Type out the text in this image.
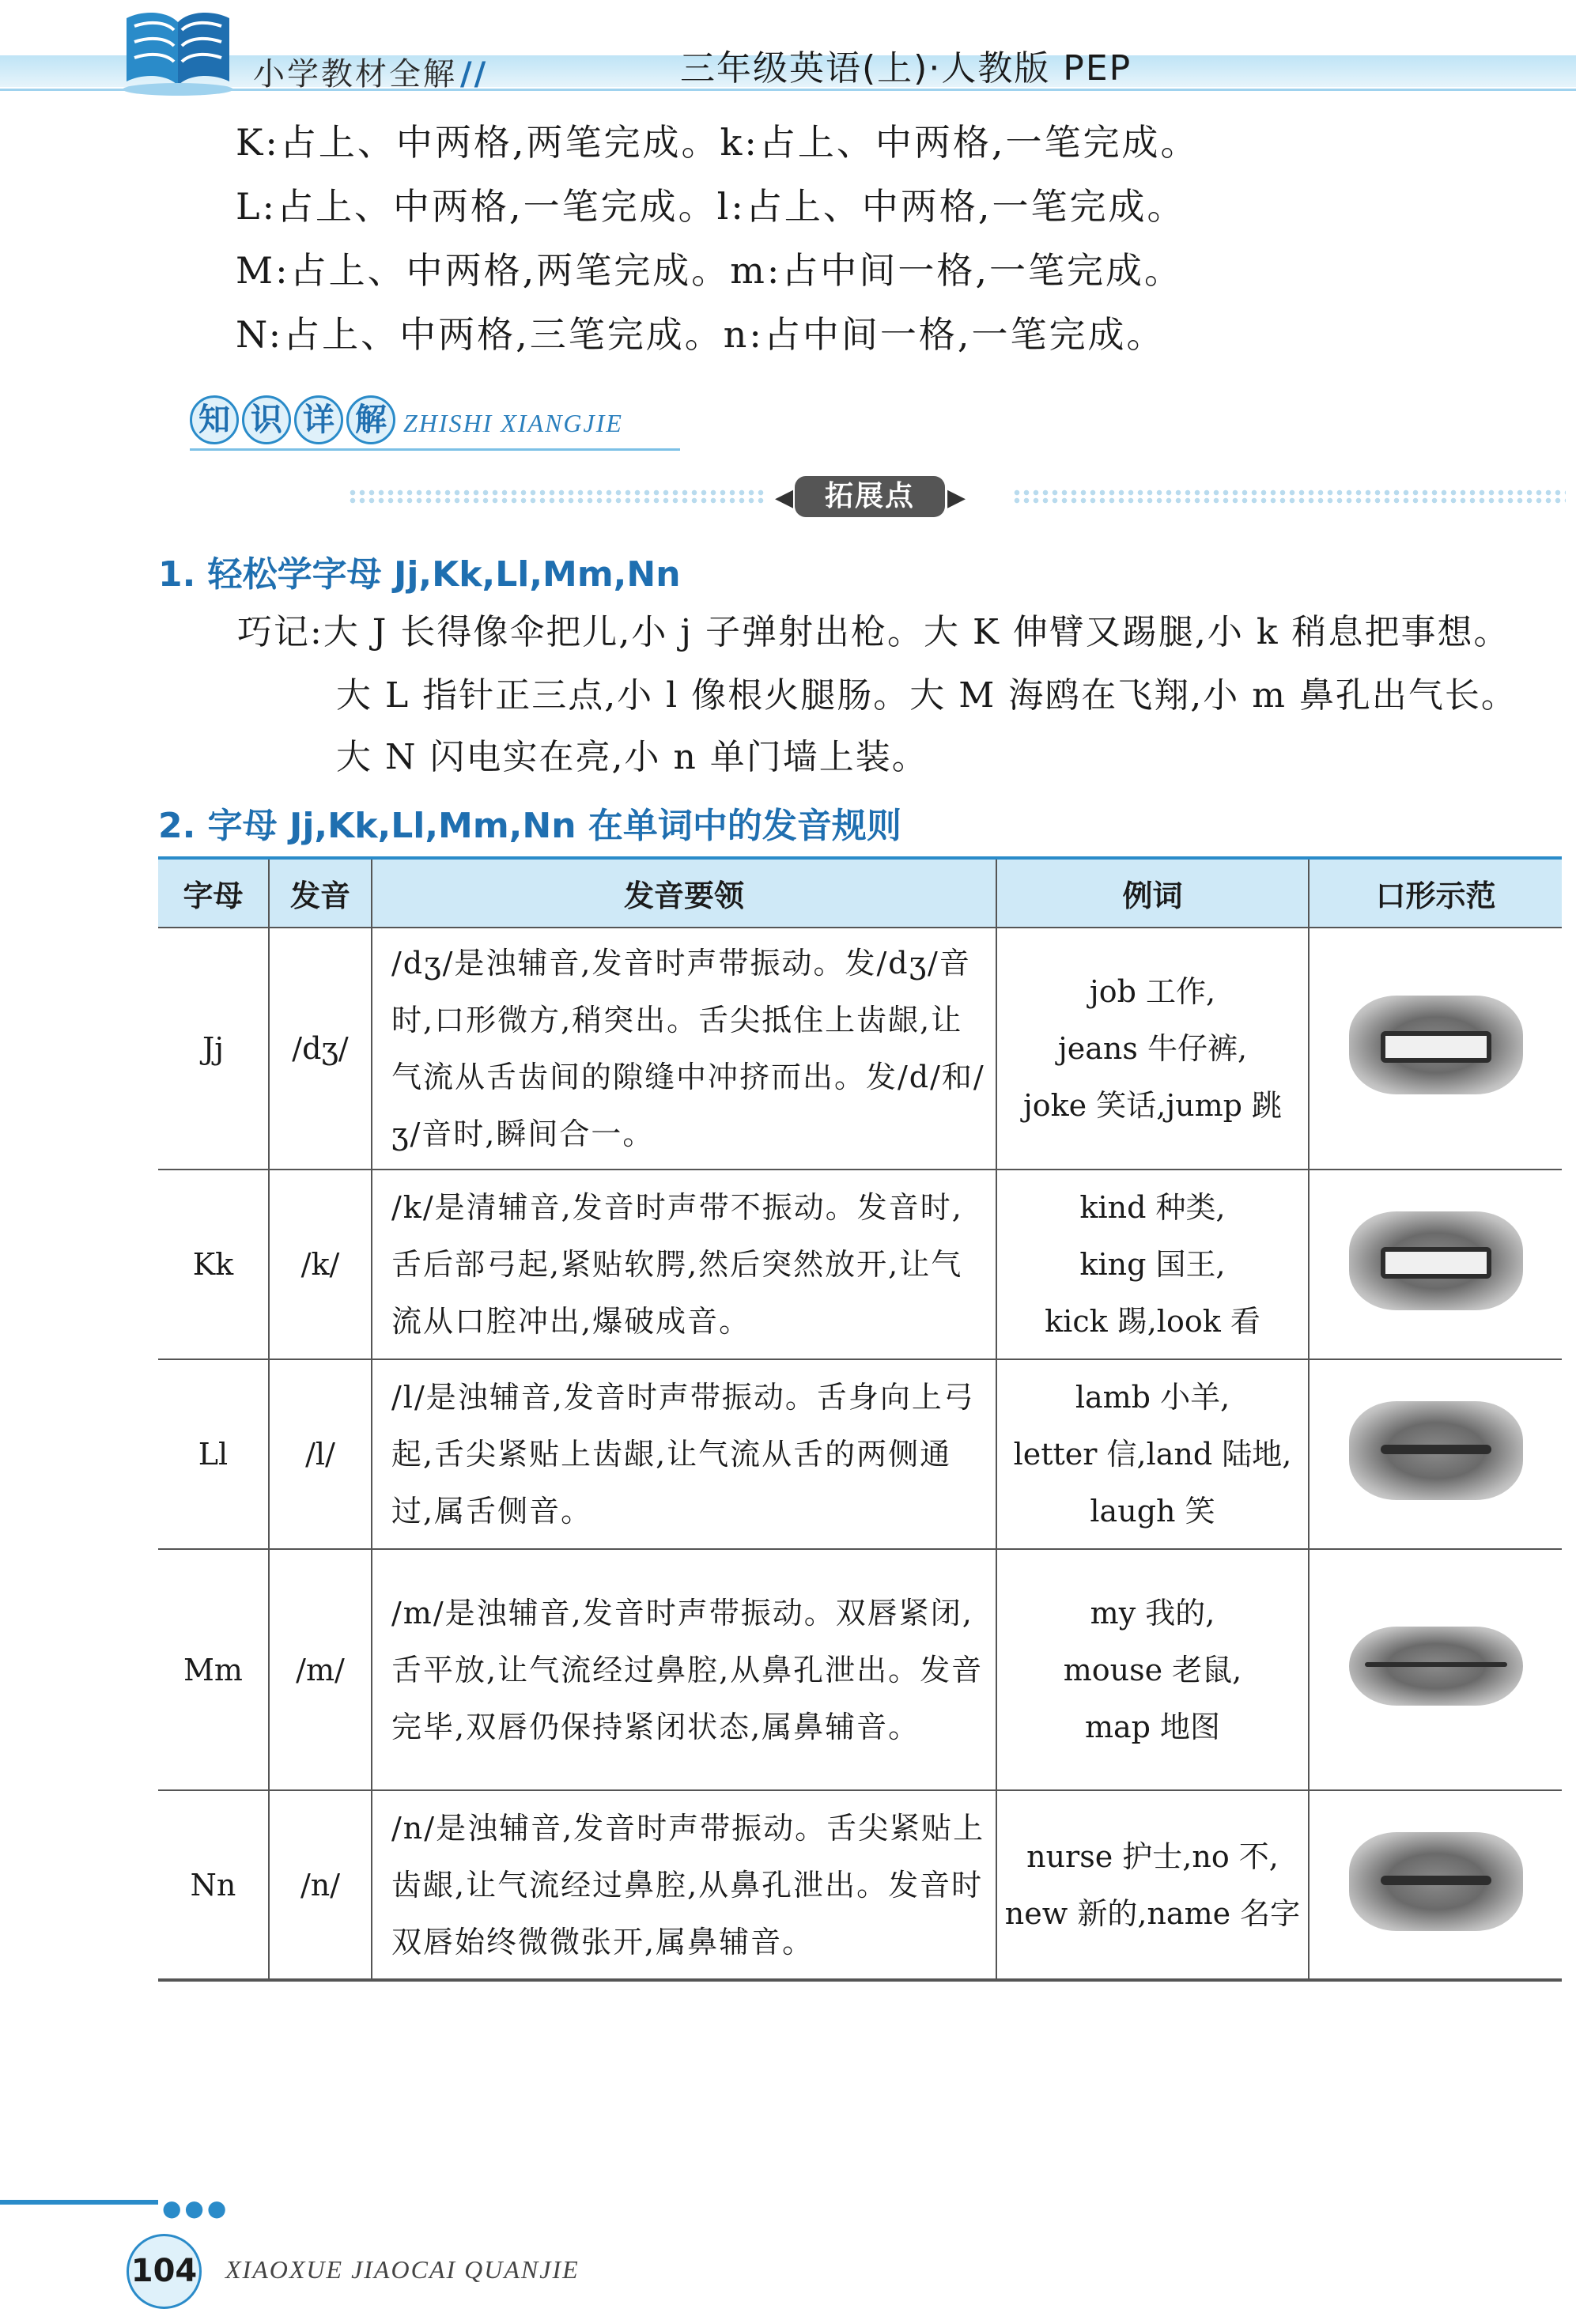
小学教材全解 //	三年级英语(上)·人教版 PEP
K:占上、中两格,两笔完成。k:占上、中两格,一笔完成。
L:占上、中两格,一笔完成。l:占上、中两格,一笔完成。
M:占上、中两格,两笔完成。m:占中间一格,一笔完成。
N:占上、中两格,三笔完成。n:占中间一格,一笔完成。
知 识 详 解 ZHISHI XIANGJIE
◀	拓展点	▶
1. 轻松学字母 Jj,Kk,Ll,Mm,Nn
巧记:大 J 长得像伞把儿,小 j 子弹射出枪。大 K 伸臂又踢腿,小 k 稍息把事想。
大 L 指针正三点,小 l 像根火腿肠。大 M 海鸥在飞翔,小 m 鼻孔出气长。
大 N 闪电实在亮,小 n 单门墙上装。
2. 字母 Jj,Kk,Ll,Mm,Nn 在单词中的发音规则
字母	发音	发音要领	例词	口形示范
Jj	/dʒ/	/dʒ/是浊辅音,发音时声带振动。发/dʒ/音时,口形微方,稍突出。舌尖抵住上齿龈,让气流从舌齿间的隙缝中冲挤而出。发/d/和/ʒ/音时,瞬间合一。	job 工作,
jeans 牛仔裤,
joke 笑话,jump 跳	

Kk	/k/	/k/是清辅音,发音时声带不振动。发音时,舌后部弓起,紧贴软腭,然后突然放开,让气流从口腔冲出,爆破成音。	kind 种类,
king 国王,
kick 踢,look 看	

Ll	/l/	/l/是浊辅音,发音时声带振动。舌身向上弓起,舌尖紧贴上齿龈,让气流从舌的两侧通过,属舌侧音。	lamb 小羊,
letter 信,land 陆地,
laugh 笑	

Mm	/m/	/m/是浊辅音,发音时声带振动。双唇紧闭,舌平放,让气流经过鼻腔,从鼻孔泄出。发音完毕,双唇仍保持紧闭状态,属鼻辅音。	my 我的,
mouse 老鼠,
map 地图	

Nn	/n/	/n/是浊辅音,发音时声带振动。舌尖紧贴上齿龈,让气流经过鼻腔,从鼻孔泄出。发音时双唇始终微微张开,属鼻辅音。	nurse 护士,no 不,
new 新的,name 名字	

●●●
104 XIAOXUE JIAOCAI QUANJIE
